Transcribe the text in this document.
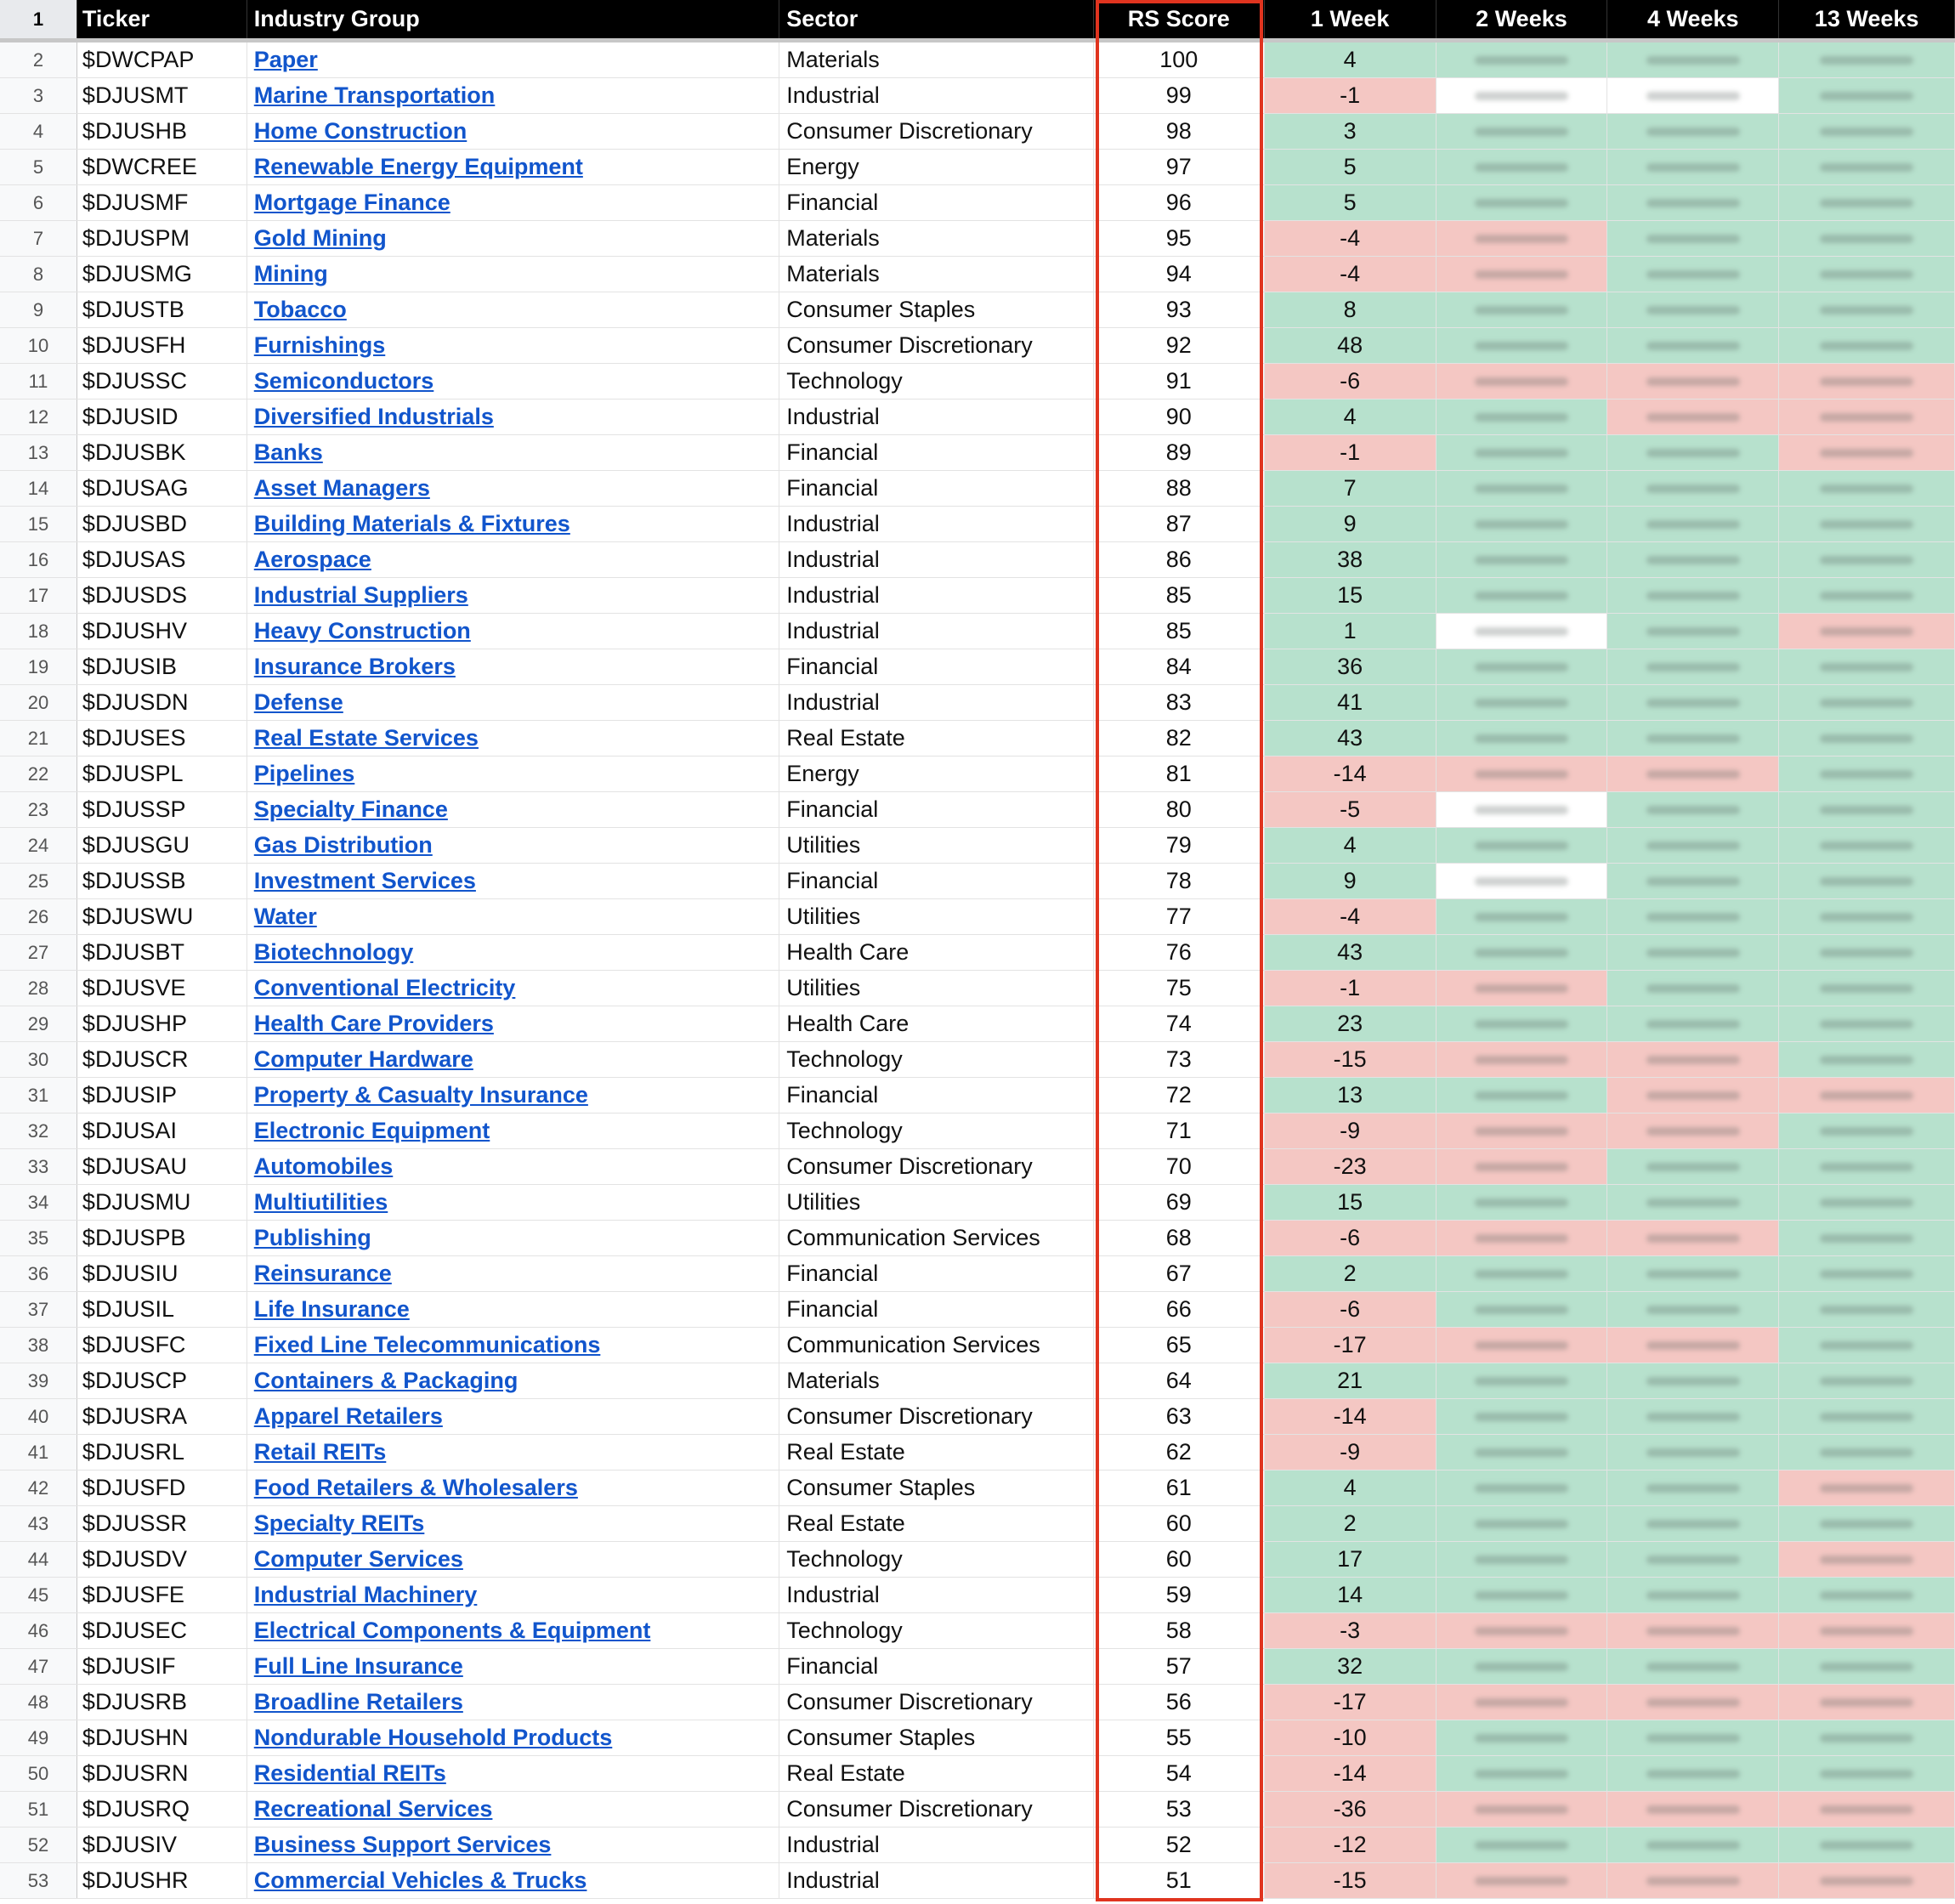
1	Ticker	Industry Group	Sector	RS Score	1 Week	2 Weeks	4 Weeks	13 Weeks
2	$DWCPAP	Paper	Materials	100	4
3	$DJUSMT	Marine Transportation	Industrial	99	-1
4	$DJUSHB	Home Construction	Consumer Discretionary	98	3
5	$DWCREE	Renewable Energy Equipment	Energy	97	5
6	$DJUSMF	Mortgage Finance	Financial	96	5
7	$DJUSPM	Gold Mining	Materials	95	-4
8	$DJUSMG	Mining	Materials	94	-4
9	$DJUSTB	Tobacco	Consumer Staples	93	8
10	$DJUSFH	Furnishings	Consumer Discretionary	92	48
11	$DJUSSC	Semiconductors	Technology	91	-6
12	$DJUSID	Diversified Industrials	Industrial	90	4
13	$DJUSBK	Banks	Financial	89	-1
14	$DJUSAG	Asset Managers	Financial	88	7
15	$DJUSBD	Building Materials & Fixtures	Industrial	87	9
16	$DJUSAS	Aerospace	Industrial	86	38
17	$DJUSDS	Industrial Suppliers	Industrial	85	15
18	$DJUSHV	Heavy Construction	Industrial	85	1
19	$DJUSIB	Insurance Brokers	Financial	84	36
20	$DJUSDN	Defense	Industrial	83	41
21	$DJUSES	Real Estate Services	Real Estate	82	43
22	$DJUSPL	Pipelines	Energy	81	-14
23	$DJUSSP	Specialty Finance	Financial	80	-5
24	$DJUSGU	Gas Distribution	Utilities	79	4
25	$DJUSSB	Investment Services	Financial	78	9
26	$DJUSWU	Water	Utilities	77	-4
27	$DJUSBT	Biotechnology	Health Care	76	43
28	$DJUSVE	Conventional Electricity	Utilities	75	-1
29	$DJUSHP	Health Care Providers	Health Care	74	23
30	$DJUSCR	Computer Hardware	Technology	73	-15
31	$DJUSIP	Property & Casualty Insurance	Financial	72	13
32	$DJUSAI	Electronic Equipment	Technology	71	-9
33	$DJUSAU	Automobiles	Consumer Discretionary	70	-23
34	$DJUSMU	Multiutilities	Utilities	69	15
35	$DJUSPB	Publishing	Communication Services	68	-6
36	$DJUSIU	Reinsurance	Financial	67	2
37	$DJUSIL	Life Insurance	Financial	66	-6
38	$DJUSFC	Fixed Line Telecommunications	Communication Services	65	-17
39	$DJUSCP	Containers & Packaging	Materials	64	21
40	$DJUSRA	Apparel Retailers	Consumer Discretionary	63	-14
41	$DJUSRL	Retail REITs	Real Estate	62	-9
42	$DJUSFD	Food Retailers & Wholesalers	Consumer Staples	61	4
43	$DJUSSR	Specialty REITs	Real Estate	60	2
44	$DJUSDV	Computer Services	Technology	60	17
45	$DJUSFE	Industrial Machinery	Industrial	59	14
46	$DJUSEC	Electrical Components & Equipment	Technology	58	-3
47	$DJUSIF	Full Line Insurance	Financial	57	32
48	$DJUSRB	Broadline Retailers	Consumer Discretionary	56	-17
49	$DJUSHN	Nondurable Household Products	Consumer Staples	55	-10
50	$DJUSRN	Residential REITs	Real Estate	54	-14
51	$DJUSRQ	Recreational Services	Consumer Discretionary	53	-36
52	$DJUSIV	Business Support Services	Industrial	52	-12
53	$DJUSHR	Commercial Vehicles & Trucks	Industrial	51	-15
